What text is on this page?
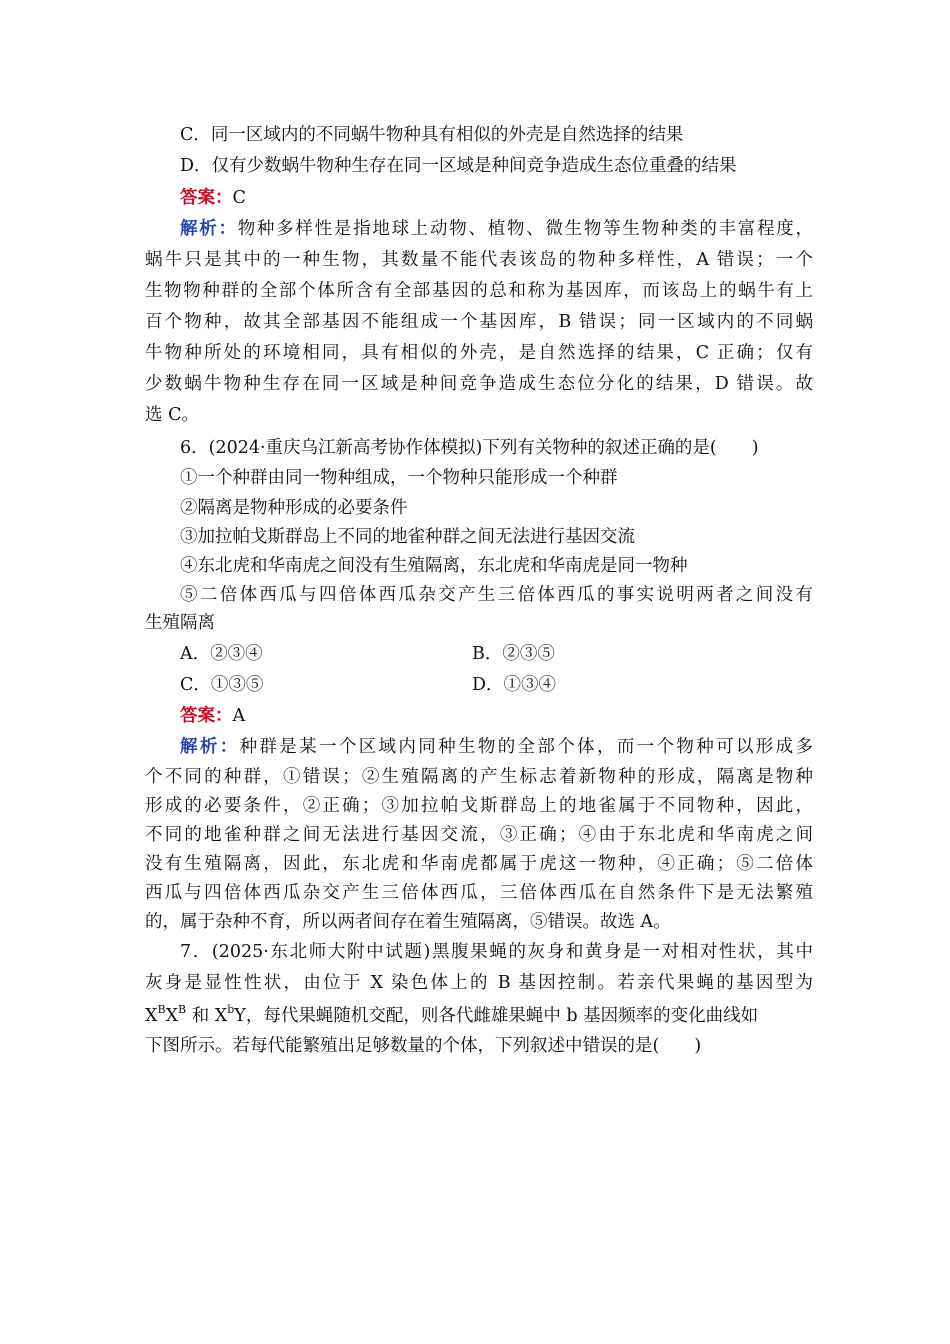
C．同一区域内的不同蜗牛物种具有相似的外壳是自然选择的结果
D．仅有少数蜗牛物种生存在同一区域是种间竞争造成生态位重叠的结果
答案：C
解析：物种多样性是指地球上动物、植物、微生物等生物种类的丰富程度，
蜗牛只是其中的一种生物，其数量不能代表该岛的物种多样性，A 错误；一个
生物物种群的全部个体所含有全部基因的总和称为基因库，而该岛上的蜗牛有上
百个物种，故其全部基因不能组成一个基因库，B 错误；同一区域内的不同蜗
牛物种所处的环境相同，具有相似的外壳，是自然选择的结果，C 正确；仅有
少数蜗牛物种生存在同一区域是种间竞争造成生态位分化的结果，D 错误。故
选 C。
6．(2024·重庆乌江新高考协作体模拟)下列有关物种的叙述正确的是(　　)
①一个种群由同一物种组成，一个物种只能形成一个种群
②隔离是物种形成的必要条件
③加拉帕戈斯群岛上不同的地雀种群之间无法进行基因交流
④东北虎和华南虎之间没有生殖隔离，东北虎和华南虎是同一物种
⑤二倍体西瓜与四倍体西瓜杂交产生三倍体西瓜的事实说明两者之间没有
生殖隔离
A．②③④	B．②③⑤
C．①③⑤	D．①③④
答案：A
解析：种群是某一个区域内同种生物的全部个体，而一个物种可以形成多
个不同的种群，①错误；②生殖隔离的产生标志着新物种的形成，隔离是物种
形成的必要条件，②正确；③加拉帕戈斯群岛上的地雀属于不同物种，因此，
不同的地雀种群之间无法进行基因交流，③正确；④由于东北虎和华南虎之间
没有生殖隔离，因此，东北虎和华南虎都属于虎这一物种，④正确；⑤二倍体
西瓜与四倍体西瓜杂交产生三倍体西瓜，三倍体西瓜在自然条件下是无法繁殖
的，属于杂种不育，所以两者间存在着生殖隔离，⑤错误。故选 A。
7．(2025·东北师大附中试题)黑腹果蝇的灰身和黄身是一对相对性状，其中
灰身是显性性状，由位于 X 染色体上的 B 基因控制。若亲代果蝇的基因型为
$X^BX^B$ 和 $X^bY$，每代果蝇随机交配，则各代雌雄果蝇中 b 基因频率的变化曲线如
下图所示。若每代能繁殖出足够数量的个体，下列叙述中错误的是(　　)
